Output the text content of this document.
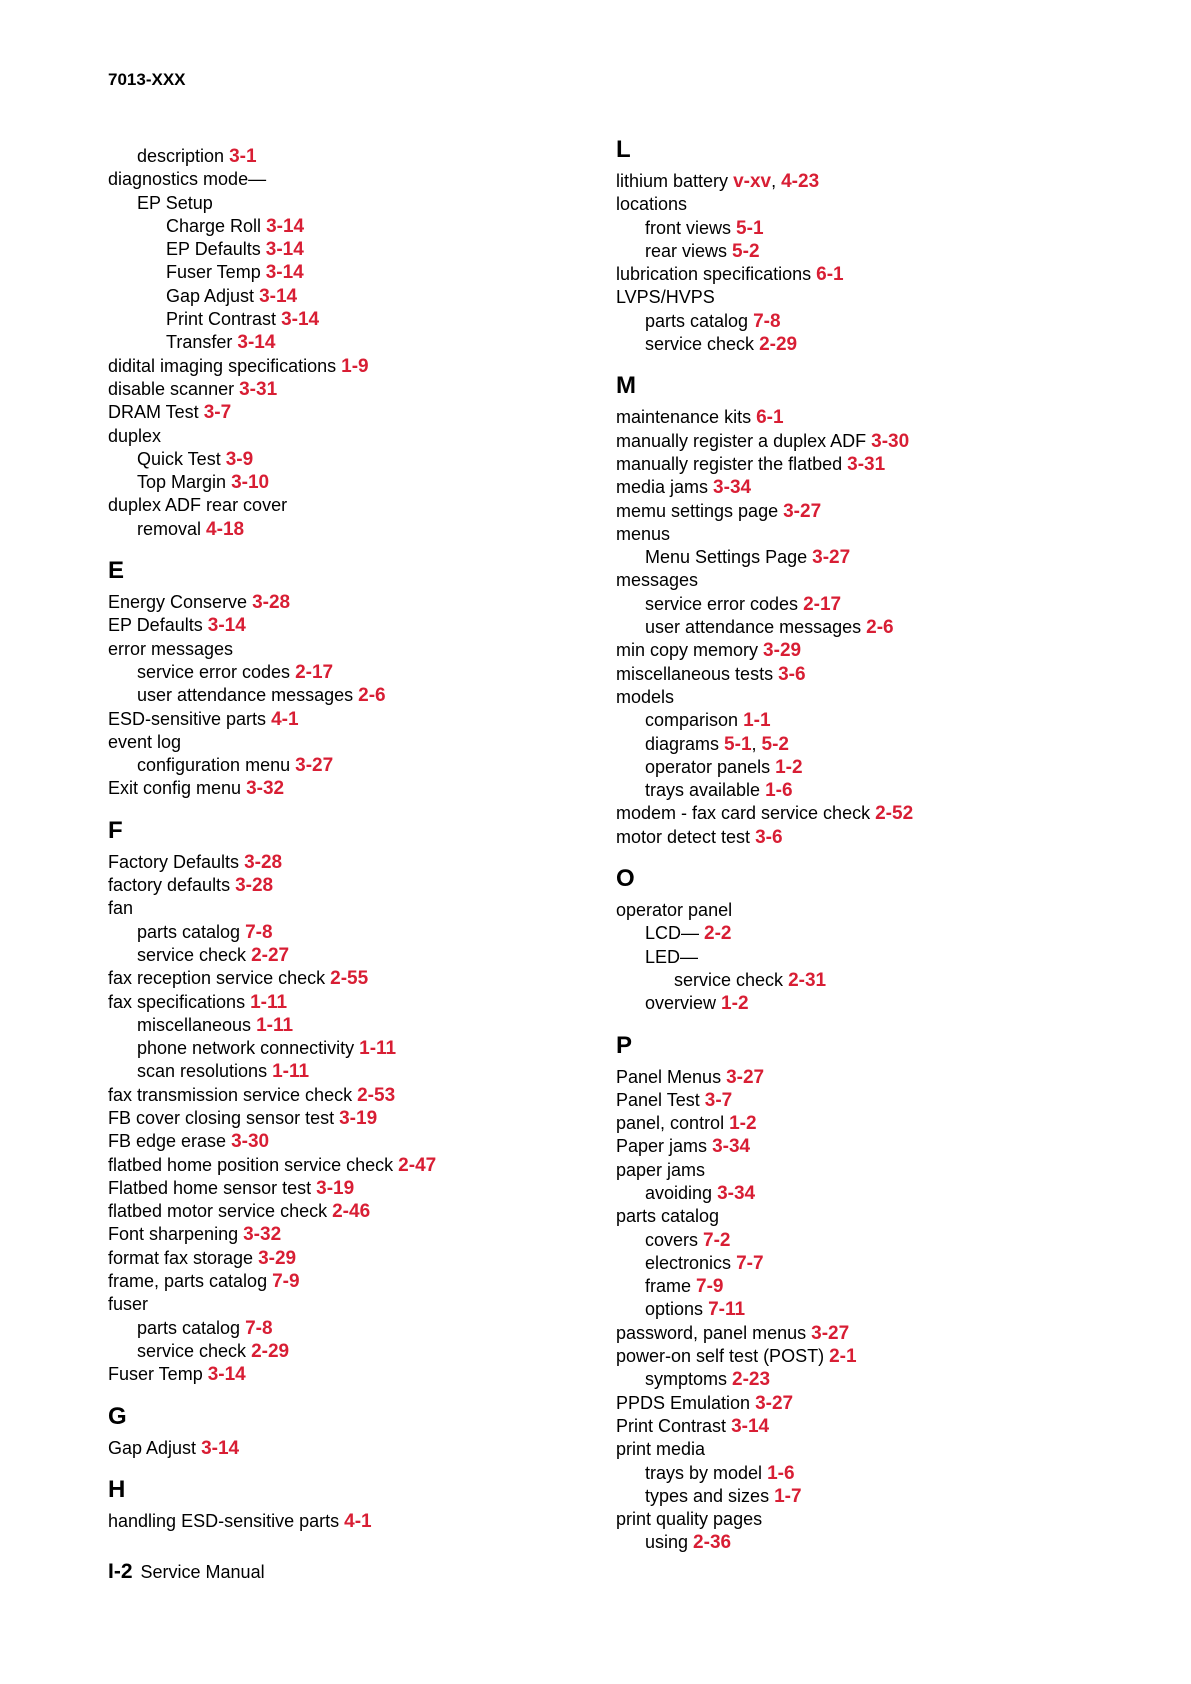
7013-XXX
description 3-1
diagnostics mode—
EP Setup
Charge Roll 3-14
EP Defaults 3-14
Fuser Temp 3-14
Gap Adjust 3-14
Print Contrast 3-14
Transfer 3-14
didital imaging specifications 1-9
disable scanner 3-31
DRAM Test 3-7
duplex
Quick Test 3-9
Top Margin 3-10
duplex ADF rear cover
removal 4-18
E
Energy Conserve 3-28
EP Defaults 3-14
error messages
service error codes 2-17
user attendance messages 2-6
ESD-sensitive parts 4-1
event log
configuration menu 3-27
Exit config menu 3-32
F
Factory Defaults 3-28
factory defaults 3-28
fan
parts catalog 7-8
service check 2-27
fax reception service check 2-55
fax specifications 1-11
miscellaneous 1-11
phone network connectivity 1-11
scan resolutions 1-11
fax transmission service check 2-53
FB cover closing sensor test 3-19
FB edge erase 3-30
flatbed home position service check 2-47
Flatbed home sensor test 3-19
flatbed motor service check 2-46
Font sharpening 3-32
format fax storage 3-29
frame, parts catalog 7-9
fuser
parts catalog 7-8
service check 2-29
Fuser Temp 3-14
G
Gap Adjust 3-14
H
handling ESD-sensitive parts 4-1
L
lithium battery v-xv, 4-23
locations
front views 5-1
rear views 5-2
lubrication specifications 6-1
LVPS/HVPS
parts catalog 7-8
service check 2-29
M
maintenance kits 6-1
manually register a duplex ADF 3-30
manually register the flatbed 3-31
media jams 3-34
memu settings page 3-27
menus
Menu Settings Page 3-27
messages
service error codes 2-17
user attendance messages 2-6
min copy memory 3-29
miscellaneous tests 3-6
models
comparison 1-1
diagrams 5-1, 5-2
operator panels 1-2
trays available 1-6
modem - fax card service check 2-52
motor detect test 3-6
O
operator panel
LCD— 2-2
LED—
service check 2-31
overview 1-2
P
Panel Menus 3-27
Panel Test 3-7
panel, control 1-2
Paper jams 3-34
paper jams
avoiding 3-34
parts catalog
covers 7-2
electronics 7-7
frame 7-9
options 7-11
password, panel menus 3-27
power-on self test (POST) 2-1
symptoms 2-23
PPDS Emulation 3-27
Print Contrast 3-14
print media
trays by model 1-6
types and sizes 1-7
print quality pages
using 2-36
I-2 Service Manual
